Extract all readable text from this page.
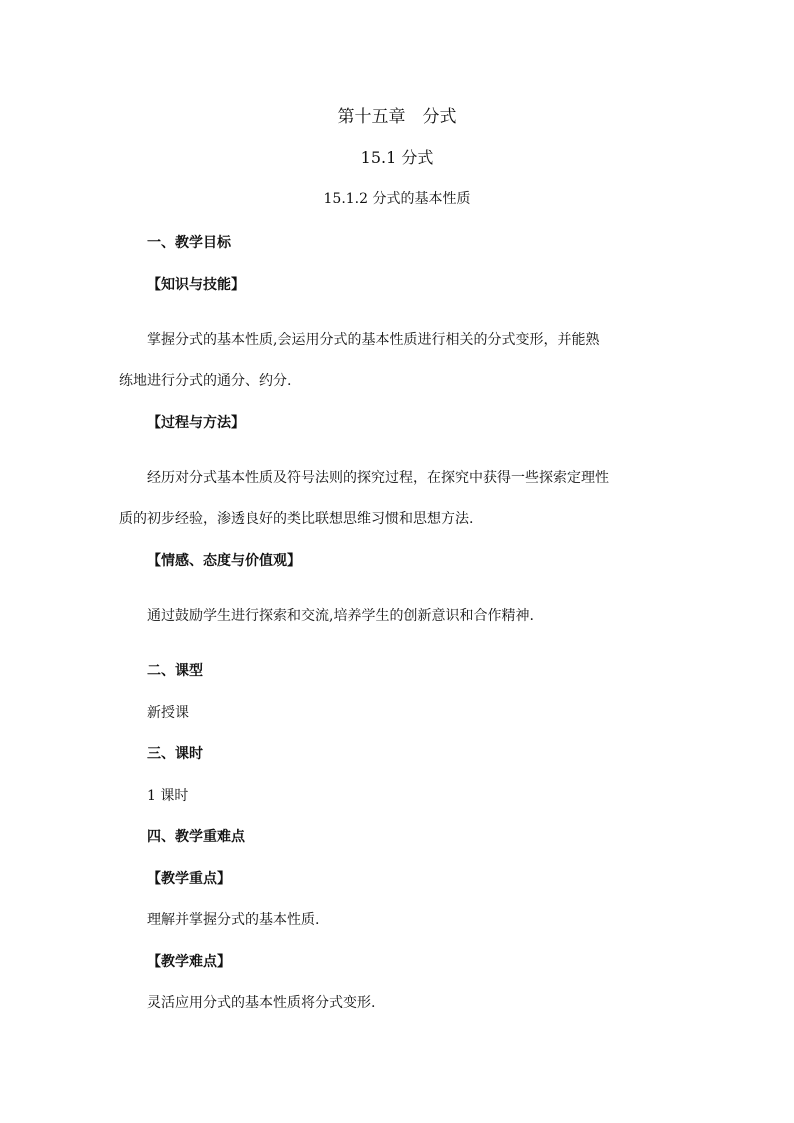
第十五章　分式
15.1 分式
15.1.2 分式的基本性质
一、教学目标
【知识与技能】
掌握分式的基本性质,会运用分式的基本性质进行相关的分式变形，并能熟
练地进行分式的通分、约分.
【过程与方法】
经历对分式基本性质及符号法则的探究过程，在探究中获得一些探索定理性
质的初步经验，渗透良好的类比联想思维习惯和思想方法.
【情感、态度与价值观】
通过鼓励学生进行探索和交流,培养学生的创新意识和合作精神.
二、课型
新授课
三、课时
1 课时
四、教学重难点
【教学重点】
理解并掌握分式的基本性质.
【教学难点】
灵活应用分式的基本性质将分式变形.
